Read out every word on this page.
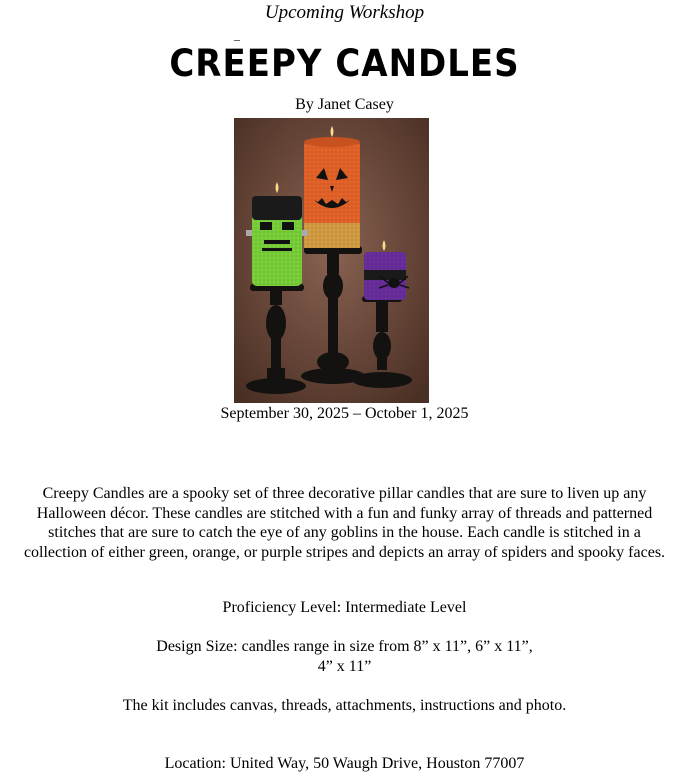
Upcoming Workshop
_
CREEPY CANDLES
By Janet Casey
September 30, 2025 – October 1, 2025
Creepy Candles are a spooky set of three decorative pillar candles that are sure to liven up any Halloween décor. These candles are stitched with a fun and funky array of threads and patterned stitches that are sure to catch the eye of any goblins in the house. Each candle is stitched in a collection of either green, orange, or purple stripes and depicts an array of spiders and spooky faces.
Proficiency Level: Intermediate Level
Design Size: candles range in size from 8” x 11”, 6” x 11”,
4” x 11”
The kit includes canvas, threads, attachments, instructions and photo.
Location: United Way, 50 Waugh Drive, Houston 77007
